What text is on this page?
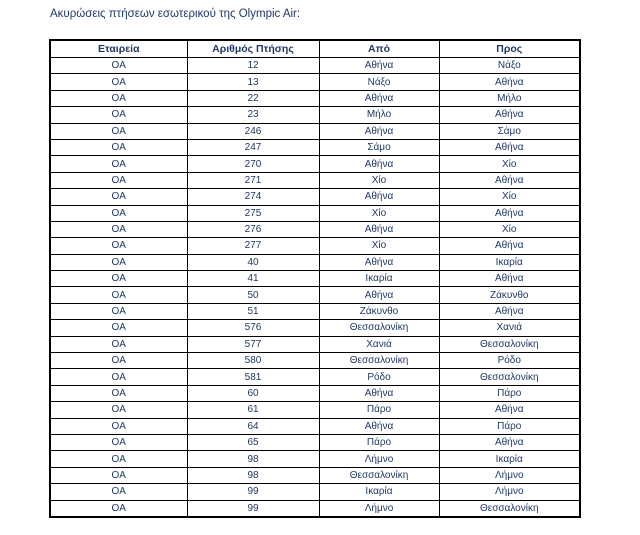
Ακυρώσεις πτήσεων εσωτερικού της Olympic Air:
Εταιρεία	Αριθμός Πτήσης	Από	Προς
OA	12	Αθήνα	Νάξο
OA	13	Νάξο	Αθήνα
OA	22	Αθήνα	Μήλο
OA	23	Μήλο	Αθήνα
OA	246	Αθήνα	Σάμο
OA	247	Σάμο	Αθήνα
OA	270	Αθήνα	Χίο
OA	271	Χίο	Αθήνα
OA	274	Αθήνα	Χίο
OA	275	Χίο	Αθήνα
OA	276	Αθήνα	Χίο
OA	277	Χίο	Αθήνα
OA	40	Αθήνα	Ικαρία
OA	41	Ικαρία	Αθήνα
OA	50	Αθήνα	Ζάκυνθο
OA	51	Ζάκυνθο	Αθήνα
OA	576	Θεσσαλονίκη	Χανιά
OA	577	Χανιά	Θεσσαλονίκη
OA	580	Θεσσαλονίκη	Ρόδο
OA	581	Ρόδο	Θεσσαλονίκη
OA	60	Αθήνα	Πάρο
OA	61	Πάρο	Αθήνα
OA	64	Αθήνα	Πάρο
OA	65	Πάρο	Αθήνα
OA	98	Λήμνο	Ικαρία
OA	98	Θεσσαλονίκη	Λήμνο
OA	99	Ικαρία	Λήμνο
OA	99	Λήμνο	Θεσσαλονίκη
